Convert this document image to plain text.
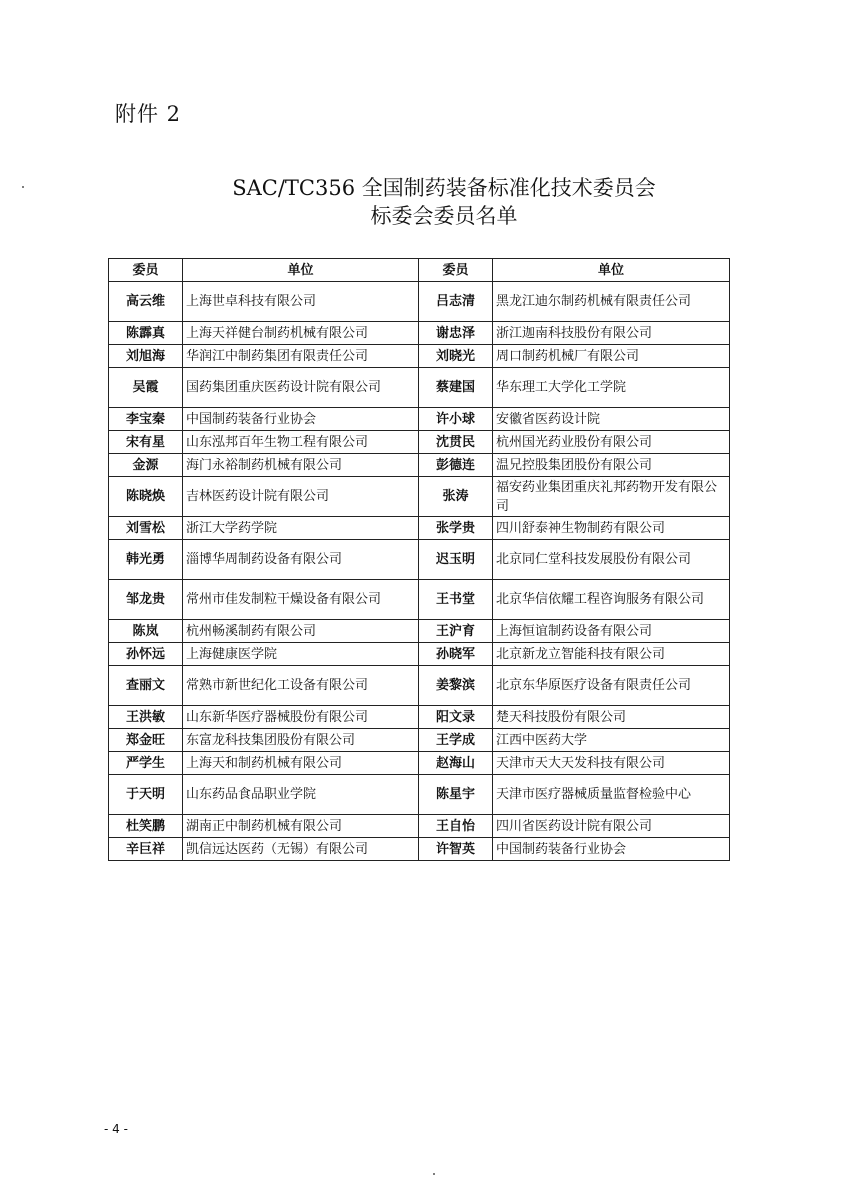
附件 2
SAC/TC356 全国制药装备标准化技术委员会
标委会委员名单
委员	单位	委员	单位
高云维	上海世卓科技有限公司	吕志清	黑龙江迪尔制药机械有限责任公司
陈霹真	上海天祥健台制药机械有限公司	谢忠泽	浙江迦南科技股份有限公司
刘旭海	华润江中制药集团有限责任公司	刘晓光	周口制药机械厂有限公司
吴霞	国药集团重庆医药设计院有限公司	蔡建国	华东理工大学化工学院
李宝秦	中国制药装备行业协会	许小球	安徽省医药设计院
宋有星	山东泓邦百年生物工程有限公司	沈贯民	杭州国光药业股份有限公司
金源	海门永裕制药机械有限公司	彭德连	温兄控股集团股份有限公司
陈晓焕	吉林医药设计院有限公司	张涛	福安药业集团重庆礼邦药物开发有限公司
刘雪松	浙江大学药学院	张学贵	四川舒泰神生物制药有限公司
韩光勇	淄博华周制药设备有限公司	迟玉明	北京同仁堂科技发展股份有限公司
邹龙贵	常州市佳发制粒干燥设备有限公司	王书堂	北京华信依耀工程咨询服务有限公司
陈岚	杭州畅溪制药有限公司	王沪育	上海恒谊制药设备有限公司
孙怀远	上海健康医学院	孙晓军	北京新龙立智能科技有限公司
查丽文	常熟市新世纪化工设备有限公司	姜黎滨	北京东华原医疗设备有限责任公司
王洪敏	山东新华医疗器械股份有限公司	阳文录	楚天科技股份有限公司
郑金旺	东富龙科技集团股份有限公司	王学成	江西中医药大学
严学生	上海天和制药机械有限公司	赵海山	天津市天大天发科技有限公司
于天明	山东药品食品职业学院	陈星宇	天津市医疗器械质量监督检验中心
杜笑鹏	湖南正中制药机械有限公司	王自怡	四川省医药设计院有限公司
辛巨祥	凯信远达医药（无锡）有限公司	许智英	中国制药装备行业协会
- 4 -
